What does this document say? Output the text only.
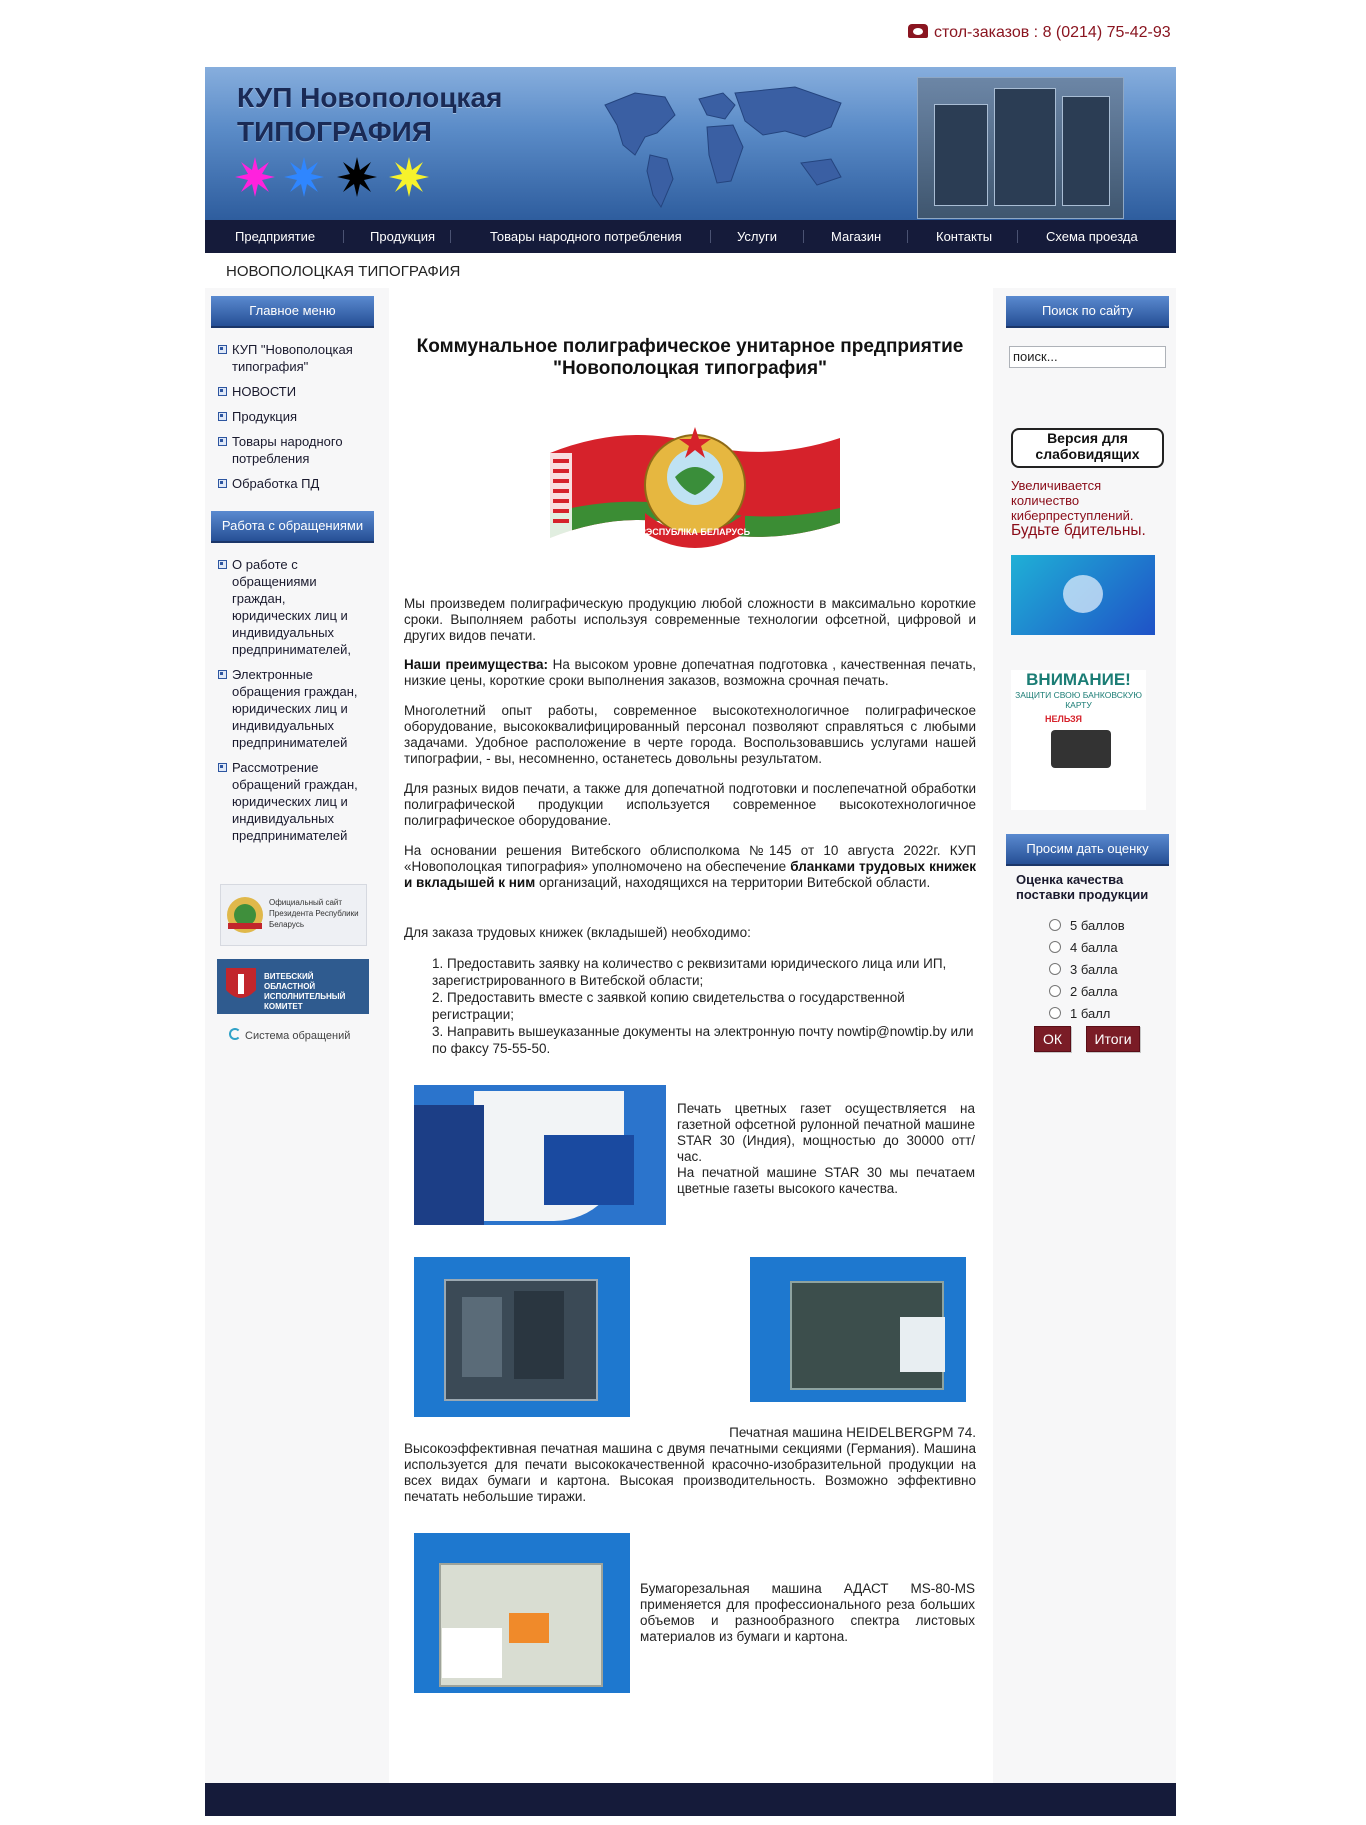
стол-заказов : 8 (0214) 75-42-93
КУП Новополоцкая
ТИПОГРАФИЯ
Предприятие	Продукция	Товары народного потребления	Услуги	Магазин	Контакты	Схема проезда
НОВОПОЛОЦКАЯ ТИПОГРАФИЯ
Главное меню
КУП "Новополоцкая типография"
НОВОСТИ
Продукция
Товары народного потребления
Обработка ПД
Работа с обращениями
О работе с обращениями граждан, юридических лиц и индивидуальных предпринимателей,
Электронные обращения граждан, юридических лиц и индивидуальных предпринимателей
Рассмотрение обращений граждан, юридических лиц и индивидуальных предпринимателей
Официальный сайт Президента Республики Беларусь
ВИТЕБСКИЙ ОБЛАСТНОЙ ИСПОЛНИТЕЛЬНЫЙ КОМИТЕТ
Система обращений
Коммунальное полиграфическое унитарное предприятие "Новополоцкая типография"
РЭСПУБЛІКА БЕЛАРУСЬ
Мы произведем полиграфическую продукцию любой сложности в максимально короткие сроки. Выполняем работы используя современные технологии офсетной, цифровой и других видов печати.
Наши преимущества: На высоком уровне допечатная подготовка , качественная печать, низкие цены, короткие сроки выполнения заказов, возможна срочная печать.
Многолетний опыт работы, современное высокотехнологичное полиграфическое оборудование, высококвалифицированный персонал позволяют справляться с любыми задачами. Удобное расположение в черте города. Воспользовавшись услугами нашей типографии, - вы, несомненно, останетесь довольны результатом.
Для разных видов печати, а также для допечатной подготовки и послепечатной обработки полиграфической продукции используется современное высокотехнологичное полиграфическое оборудование.
На основании решения Витебского облисполкома №145 от 10 августа 2022г. КУП «Новополоцкая типография» уполномочено на обеспечение бланками трудовых книжек и вкладышей к ним организаций, находящихся на территории Витебской области.
Для заказа трудовых книжек (вкладышей) необходимо:
1. Предоставить заявку на количество с реквизитами юридического лица или ИП, зарегистрированного в Витебской области;
2. Предоставить вместе с заявкой копию свидетельства о государственной регистрации;
3. Направить вышеуказанные документы на электронную почту nowtip@nowtip.by или по факсу 75-55-50.
Печать цветных газет осуществляется на газетной офсетной рулонной печатной машине STAR 30 (Индия), мощностью до 30000 отт/час.
На печатной машине STAR 30 мы печатаем цветные газеты высокого качества.
Печатная машина HEIDELBERGPM 74.
Высокоэффективная печатная машина с двумя печатными секциями (Германия). Машина используется для печати высококачественной красочно-изобразительной продукции на всех видах бумаги и картона. Высокая производительность. Возможно эффективно печатать небольшие тиражи.
Бумагорезальная машина АДАСТ MS-80-MS применяется для профессионального реза больших объемов и разнообразного спектра листовых материалов из бумаги и картона.
Поиск по сайту
поиск...
Версия для слабовидящих
Увеличивается количество киберпреступлений.
Будьте бдительны.
ВНИМАНИЕ!
ЗАЩИТИ СВОЮ БАНКОВСКУЮ КАРТУ
НЕЛЬЗЯ
Просим дать оценку
Оценка качества поставки продукции
5 баллов
4 балла
3 балла
2 балла
1 балл
ОК	Итоги
